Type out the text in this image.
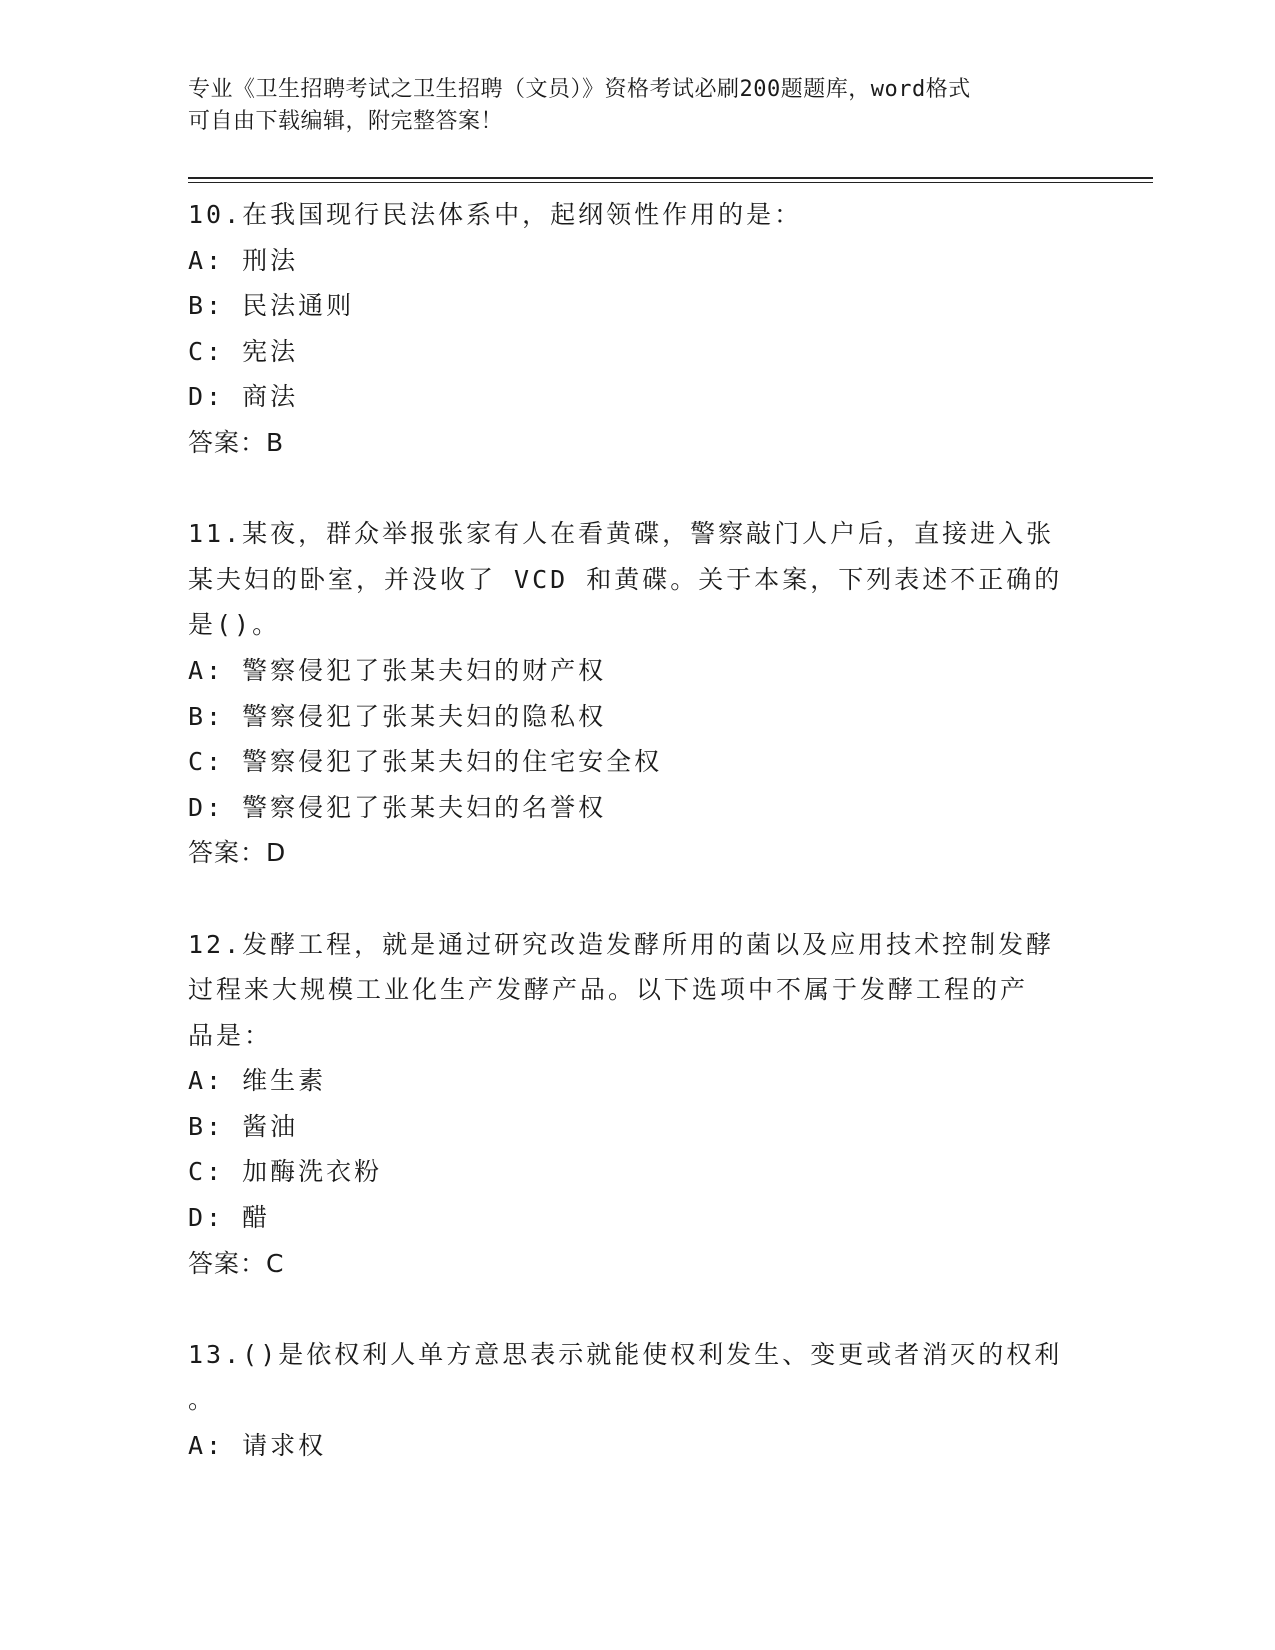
专业《卫生招聘考试之卫生招聘（文员）》资格考试必刷200题题库，word格式
可自由下载编辑，附完整答案！
10.在我国现行民法体系中，起纲领性作用的是：
A: 刑法
B: 民法通则
C: 宪法
D: 商法
答案：B
11.某夜，群众举报张家有人在看黄碟，警察敲门人户后，直接进入张
某夫妇的卧室，并没收了 VCD 和黄碟。关于本案，下列表述不正确的
是()。
A: 警察侵犯了张某夫妇的财产权
B: 警察侵犯了张某夫妇的隐私权
C: 警察侵犯了张某夫妇的住宅安全权
D: 警察侵犯了张某夫妇的名誉权
答案：D
12.发酵工程，就是通过研究改造发酵所用的菌以及应用技术控制发酵
过程来大规模工业化生产发酵产品。以下选项中不属于发酵工程的产
品是：
A: 维生素
B: 酱油
C: 加酶洗衣粉
D: 醋
答案：C
13.()是依权利人单方意思表示就能使权利发生、变更或者消灭的权利
。
A: 请求权
